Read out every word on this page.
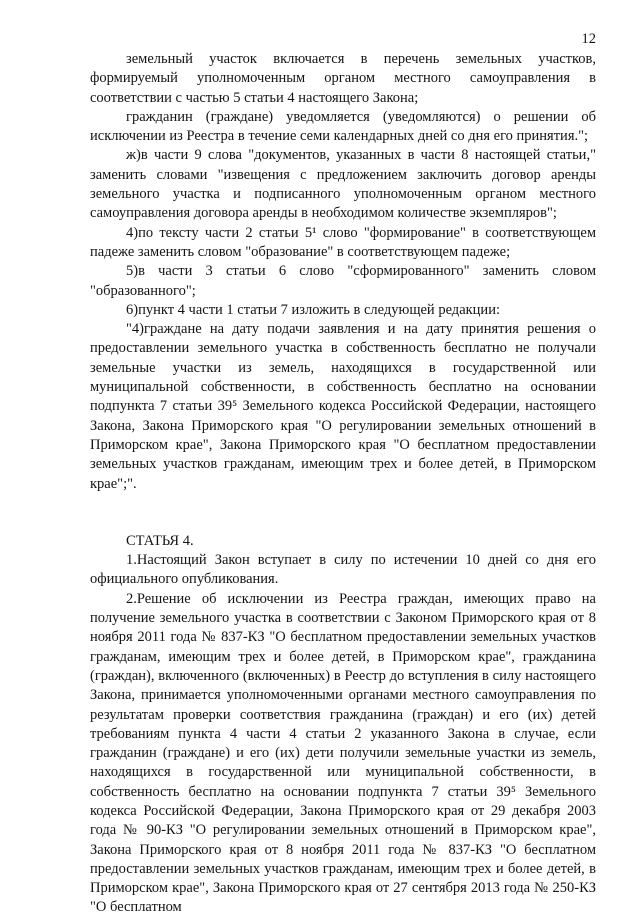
12

земельный участок включается в перечень земельных участков, формируемый уполномоченным органом местного самоуправления в соответствии с частью 5 статьи 4 настоящего Закона;

гражданин (граждане) уведомляется (уведомляются) о решении об исключении из Реестра в течение семи календарных дней со дня его принятия.";

ж)в части 9 слова "документов, указанных в части 8 настоящей статьи," заменить словами "извещения с предложением заключить договор аренды земельного участка и подписанного уполномоченным органом местного самоуправления договора аренды в необходимом количестве экземпляров";

4)по тексту части 2 статьи 5¹ слово "формирование" в соответствующем падеже заменить словом "образование" в соответствующем падеже;

5)в части 3 статьи 6 слово "сформированного" заменить словом "образованного";

6)пункт 4 части 1 статьи 7 изложить в следующей редакции:

"4)граждане на дату подачи заявления и на дату принятия решения о предоставлении земельного участка в собственность бесплатно не получали земельные участки из земель, находящихся в государственной или муниципальной собственности, в собственность бесплатно на основании подпункта 7 статьи 39⁵ Земельного кодекса Российской Федерации, настоящего Закона, Закона Приморского края "О регулировании земельных отношений в Приморском крае", Закона Приморского края "О бесплатном предоставлении земельных участков гражданам, имеющим трех и более детей, в Приморском крае";".

СТАТЬЯ 4.

1.Настоящий Закон вступает в силу по истечении 10 дней со дня его официального опубликования.

2.Решение об исключении из Реестра граждан, имеющих право на получение земельного участка в соответствии с Законом Приморского края от 8 ноября 2011 года № 837-КЗ "О бесплатном предоставлении земельных участков гражданам, имеющим трех и более детей, в Приморском крае", гражданина (граждан), включенного (включенных) в Реестр до вступления в силу настоящего Закона, принимается уполномоченными органами местного самоуправления по результатам проверки соответствия гражданина (граждан) и его (их) детей требованиям пункта 4 части 4 статьи 2 указанного Закона в случае, если гражданин (граждане) и его (их) дети получили земельные участки из земель, находящихся в государственной или муниципальной собственности, в собственность бесплатно на основании подпункта 7 статьи 39⁵ Земельного кодекса Российской Федерации, Закона Приморского края от 29 декабря 2003 года № 90-КЗ "О регулировании земельных отношений в Приморском крае", Закона Приморского края от 8 ноября 2011 года № 837-КЗ "О бесплатном предоставлении земельных участков гражданам, имеющим трех и более детей, в Приморском крае", Закона Приморского края от 27 сентября 2013 года № 250-КЗ "О бесплатном
